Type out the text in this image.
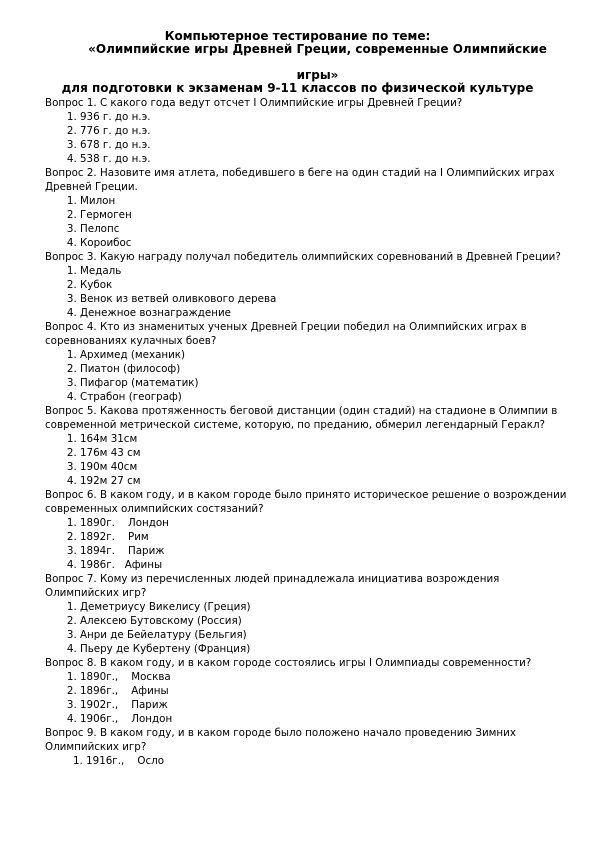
Компьютерное тестирование по теме:
«Олимпийские игры Древней Греции, современные Олимпийские
игры»
для подготовки к экзаменам 9-11 классов по физической культуре

Вопрос 1. С какого года ведут отсчет I Олимпийские игры Древней Греции?

1. 936 г. до н.э.
2. 776 г. до н.э.
3. 678 г. до н.э.
4. 538 г. до н.э.

Вопрос 2. Назовите имя атлета, победившего в беге на один стадий на I Олимпийских играх Древней Греции.

1. Милон
2. Гермоген
3. Пелопс
4. Короибос

Вопрос 3. Какую награду получал победитель олимпийских соревнований в Древней Греции?

1. Медаль
2. Кубок
3. Венок из ветвей оливкового дерева
4. Денежное вознаграждение

Вопрос 4. Кто из знаменитых ученых Древней Греции победил на Олимпийских играх в соревнованиях кулачных боев?

1. Архимед (механик)
2. Пиатон (философ)
3. Пифагор (математик)
4. Страбон (географ)

Вопрос 5. Какова протяженность беговой дистанции (один стадий) на стадионе в Олимпии в современной метрической системе, которую, по преданию, обмерил легендарный Геракл?

1. 164м 31см
2. 176м 43 см
3. 190м 40см
4. 192м 27 см

Вопрос 6. В каком году, и в каком городе было принято историческое решение о возрождении современных олимпийских состязаний?

1. 1890г.    Лондон
2. 1892г.    Рим
3. 1894г.    Париж
4. 1986г.   Афины

Вопрос 7. Кому из перечисленных людей принадлежала инициатива возрождения Олимпийских игр?

1. Деметриусу Викелису (Греция)
2. Алексею Бутовскому (Россия)
3. Анри де Бейелатуру (Бельгия)
4. Пьеру де Кубертену (Франция)

Вопрос 8. В каком году, и в каком городе состоялись игры I Олимпиады современности?

1. 1890г.,    Москва
2. 1896г.,    Афины
3. 1902г.,    Париж
4. 1906г.,    Лондон

Вопрос 9. В каком году, и в каком городе было положено начало проведению Зимних Олимпийских игр?

1. 1916г.,    Осло
